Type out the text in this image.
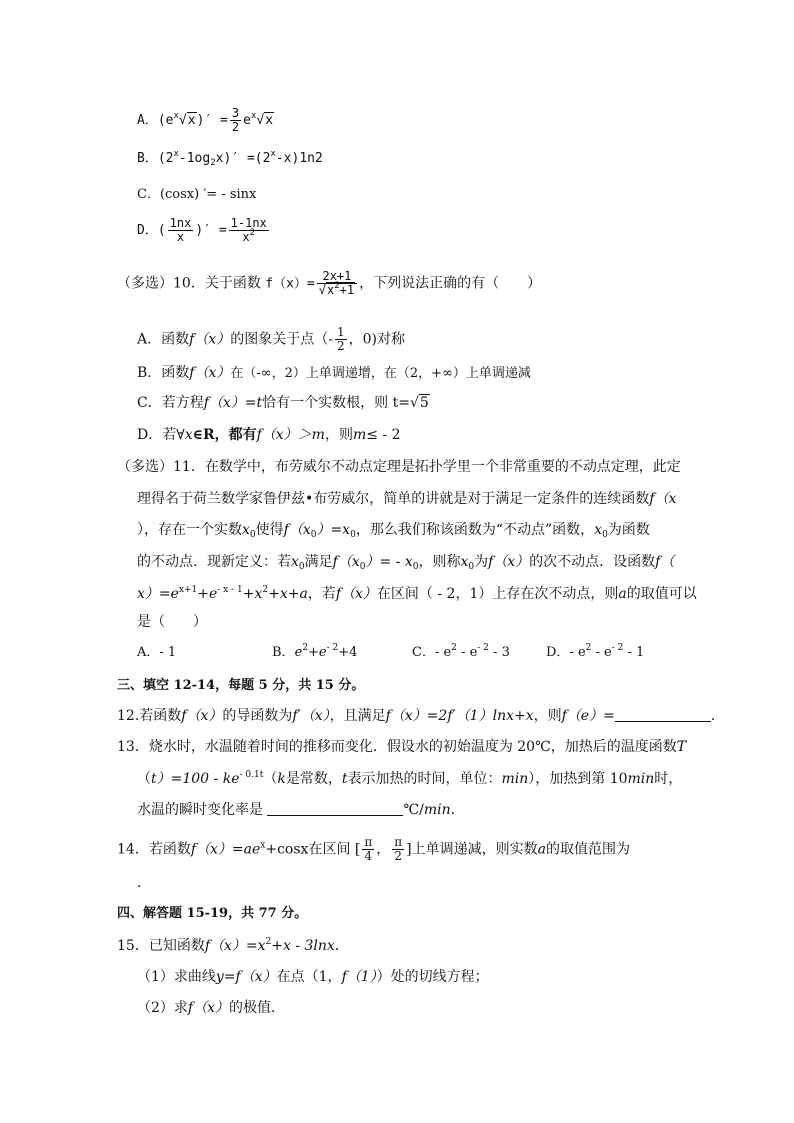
A．$(e^x√x)' = \frac{3}{2} e^x√x$
B．$(2^x-1og_2x)' =(2^x-x)1n2$
C．(cosx) ′= - sinx
D．( $\frac{1nx}{x}$ )′ = $\frac{1-1nx}{x^2}$
（多选）10．关于函数 $f(x)= \frac{2x+1}{√x^2+1}$ ，下列说法正确的有（　　）
A．函数f（x）的图象关于点（- $\frac{1}{2}$ ，0)对称
B．函数f（x）在（-∞，2）上单调递增，在（2，+∞）上单调递减
C．若方程f（x）=t恰有一个实数根，则 t=√5
D．若∀x∈R，都有f（x）＞m，则m≤ - 2
（多选）11．在数学中，布劳威尔不动点定理是拓扑学里一个非常重要的不动点定理，此定
理得名于荷兰数学家鲁伊兹•布劳威尔，简单的讲就是对于满足一定条件的连续函数f（x
），存在一个实数$x_0$使得$f(x_0)=x_0$，那么我们称该函数为“不动点”函数，$x_0$为函数
的不动点．现新定义：若$x_0$满足$f(x_0)= - x_0$，则称$x_0$为f（x）的次不动点．设函数f（
$x)=e^{x+1}+e^{- x - 1}+x^2+x+a$，若f（x）在区间（ - 2，1）上存在次不动点，则a的取值可以
是（　　）
A．- 1	B．$e^2+e^{- 2}+4$	C．- $e^2 - e^{- 2} - 3$	D．- $e^2 - e^{- 2} - 1$
三、填空 12-14，每题 5 分，共 15 分。
12.若函数f（x）的导函数为f′（x），且满足f（x）=2f′（1）lnx+x，则f（e）=	．
13．烧水时，水温随着时间的推移而变化．假设水的初始温度为 20℃，加热后的温度函数T
$(t)=100 - ke^{- 0.1t}(k$是常数，t表示加热的时间，单位：min），加热到第 10min时，
水温的瞬时变化率是	℃/min．
14．若函数$f(x)=ae^x+\cos x$在区间 [ $\frac{\pi}{4}$ ， $\frac{\pi}{2}$ ]上单调递减，则实数a的取值范围为
．
四、解答题 15-19，共 77 分。
15．已知函数$f(x)=x^2+x - 3\ln x$．
（1）求曲线y=f（x）在点（1，f（1））处的切线方程；
（2）求f（x）的极值．
